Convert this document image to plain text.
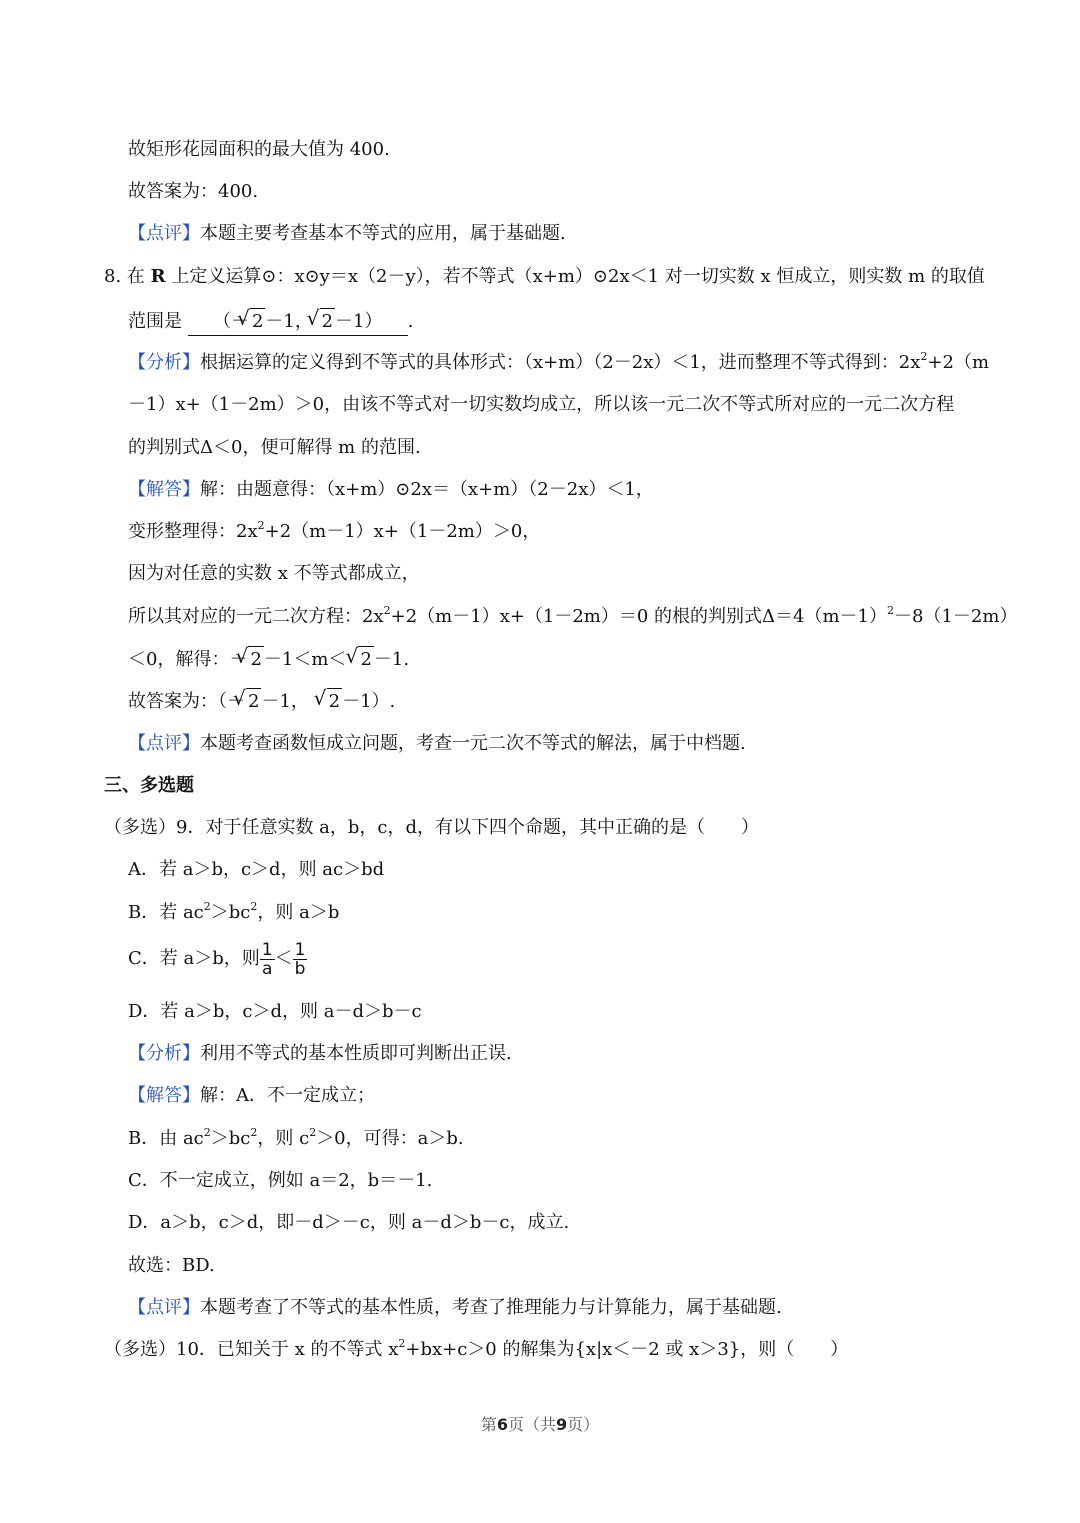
故矩形花园面积的最大值为 400.
故答案为：400.
【点评】本题主要考查基本不等式的应用，属于基础题.
8. 在 R 上定义运算⊙：x⊙y＝x（2－y），若不等式（x+m）⊙2x＜1 对一切实数 x 恒成立，则实数 m 的取值
范围是 （－ √ 2 －1， √ 2 －1） .
【分析】根据运算的定义得到不等式的具体形式：（x+m）（2－2x）＜1，进而整理不等式得到：$2x^2+2(m$
－1）x+（1－2m）＞0，由该不等式对一切实数均成立，所以该一元二次不等式所对应的一元二次方程
的判别式Δ＜0，便可解得 m 的范围.
【解答】解：由题意得：（x+m）⊙2x＝（x+m）（2－2x）＜1，
变形整理得：$2x^2+2(m-1)x+(1-2m)>0$，
因为对任意的实数 x 不等式都成立，
所以其对应的一元二次方程：$2x^2+2(m-1)x+(1-2m)=0$ 的根的判别式$\Delta=4(m-1)^2-8(1-2m)$
＜0，解得：－ √ 2 －1＜m＜ √ 2 －1.
故答案为：（－ √ 2 －1， √ 2 －1）.
【点评】本题考查函数恒成立问题，考查一元二次不等式的解法，属于中档题.
三、多选题
（多选）9．对于任意实数 a，b，c，d，有以下四个命题，其中正确的是（　　）
A．若 a＞b，c＞d，则 ac＞bd
B．若 $ac^2>bc^2$，则 a＞b
C．若 a＞b，则 $\frac{1}{a} < \frac{1}{b}$
D．若 a＞b，c＞d，则 a－d＞b－c
【分析】利用不等式的基本性质即可判断出正误.
【解答】解：A．不一定成立；
B．由 $ac^2>bc^2$，则 $c^2>0$，可得：a＞b.
C．不一定成立，例如 a＝2，b＝－1.
D．a＞b，c＞d，即－d＞－c，则 a－d＞b－c，成立.
故选：BD.
【点评】本题考查了不等式的基本性质，考查了推理能力与计算能力，属于基础题.
（多选）10．已知关于 x 的不等式 $x^2+bx+c>0$ 的解集为{x|x＜－2 或 x＞3}，则（　　）
第6页（共9页）
